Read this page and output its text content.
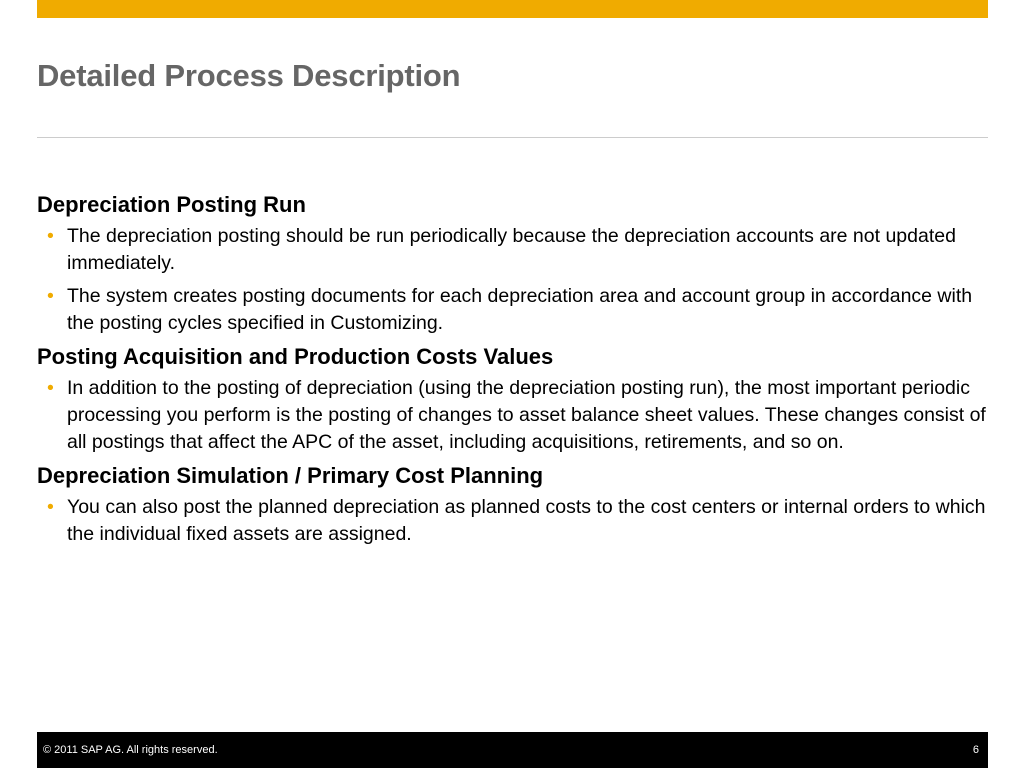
Detailed Process Description

Depreciation Posting Run

• The depreciation posting should be run periodically because the depreciation accounts are not updated immediately.
• The system creates posting documents for each depreciation area and account group in accordance with the posting cycles specified in Customizing.

Posting Acquisition and Production Costs Values

• In addition to the posting of depreciation (using the depreciation posting run), the most important periodic processing you perform is the posting of changes to asset balance sheet values. These changes consist of all postings that affect the APC of the asset, including acquisitions, retirements, and so on.

Depreciation Simulation / Primary Cost Planning

• You can also post the planned depreciation as planned costs to the cost centers or internal orders to which the individual fixed assets are assigned.
© 2011 SAP AG. All rights reserved.	6
